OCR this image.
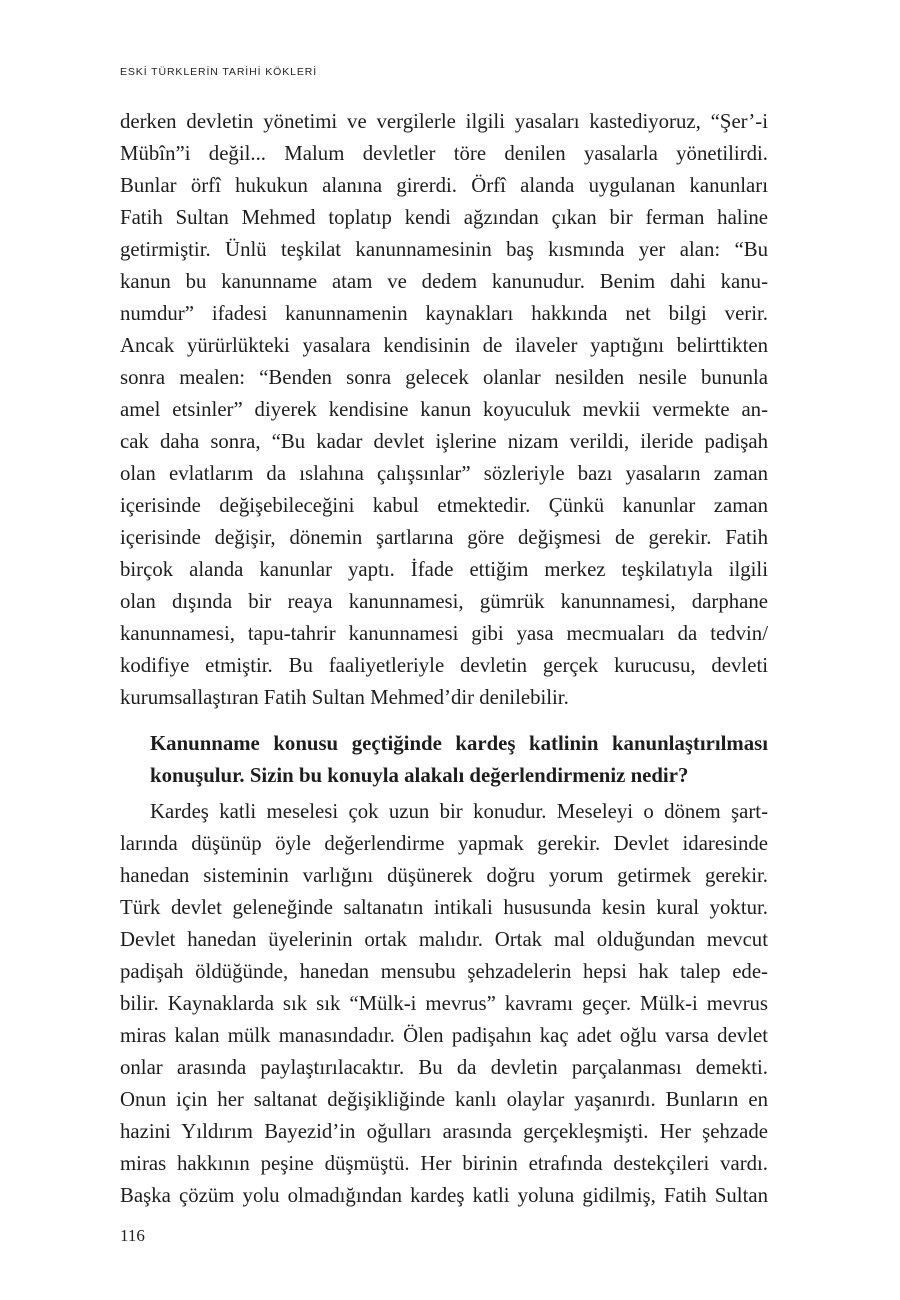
ESKİ TÜRKLERİN TARİHİ KÖKLERİ

derken devletin yönetimi ve vergilerle ilgili yasaları kastediyoruz, “Şer’-i

Mübîn”i değil... Malum devletler töre denilen yasalarla yönetilirdi.

Bunlar örfî hukukun alanına girerdi. Örfî alanda uygulanan kanunları

Fatih Sultan Mehmed toplatıp kendi ağzından çıkan bir ferman haline

getirmiştir. Ünlü teşkilat kanunnamesinin baş kısmında yer alan: “Bu

kanun bu kanunname atam ve dedem kanunudur. Benim dahi kanu-

numdur” ifadesi kanunnamenin kaynakları hakkında net bilgi verir.

Ancak yürürlükteki yasalara kendisinin de ilaveler yaptığını belirttikten

sonra mealen: “Benden sonra gelecek olanlar nesilden nesile bununla

amel etsinler” diyerek kendisine kanun koyuculuk mevkii vermekte an-

cak daha sonra, “Bu kadar devlet işlerine nizam verildi, ileride padişah

olan evlatlarım da ıslahına çalışsınlar” sözleriyle bazı yasaların zaman

içerisinde değişebileceğini kabul etmektedir. Çünkü kanunlar zaman

içerisinde değişir, dönemin şartlarına göre değişmesi de gerekir. Fatih

birçok alanda kanunlar yaptı. İfade ettiğim merkez teşkilatıyla ilgili

olan dışında bir reaya kanunnamesi, gümrük kanunnamesi, darphane

kanunnamesi, tapu-tahrir kanunnamesi gibi yasa mecmuaları da tedvin/

kodifiye etmiştir. Bu faaliyetleriyle devletin gerçek kurucusu, devleti

kurumsallaştıran Fatih Sultan Mehmed’dir denilebilir.

Kanunname konusu geçtiğinde kardeş katlinin kanunlaştırılması

konuşulur. Sizin bu konuyla alakalı değerlendirmeniz nedir?

Kardeş katli meselesi çok uzun bir konudur. Meseleyi o dönem şart-

larında düşünüp öyle değerlendirme yapmak gerekir. Devlet idaresinde

hanedan sisteminin varlığını düşünerek doğru yorum getirmek gerekir.

Türk devlet geleneğinde saltanatın intikali hususunda kesin kural yoktur.

Devlet hanedan üyelerinin ortak malıdır. Ortak mal olduğundan mevcut

padişah öldüğünde, hanedan mensubu şehzadelerin hepsi hak talep ede-

bilir. Kaynaklarda sık sık “Mülk-i mevrus” kavramı geçer. Mülk-i mevrus

miras kalan mülk manasındadır. Ölen padişahın kaç adet oğlu varsa devlet

onlar arasında paylaştırılacaktır. Bu da devletin parçalanması demekti.

Onun için her saltanat değişikliğinde kanlı olaylar yaşanırdı. Bunların en

hazini Yıldırım Bayezid’in oğulları arasında gerçekleşmişti. Her şehzade

miras hakkının peşine düşmüştü. Her birinin etrafında destekçileri vardı.

Başka çözüm yolu olmadığından kardeş katli yoluna gidilmiş, Fatih Sultan

116
